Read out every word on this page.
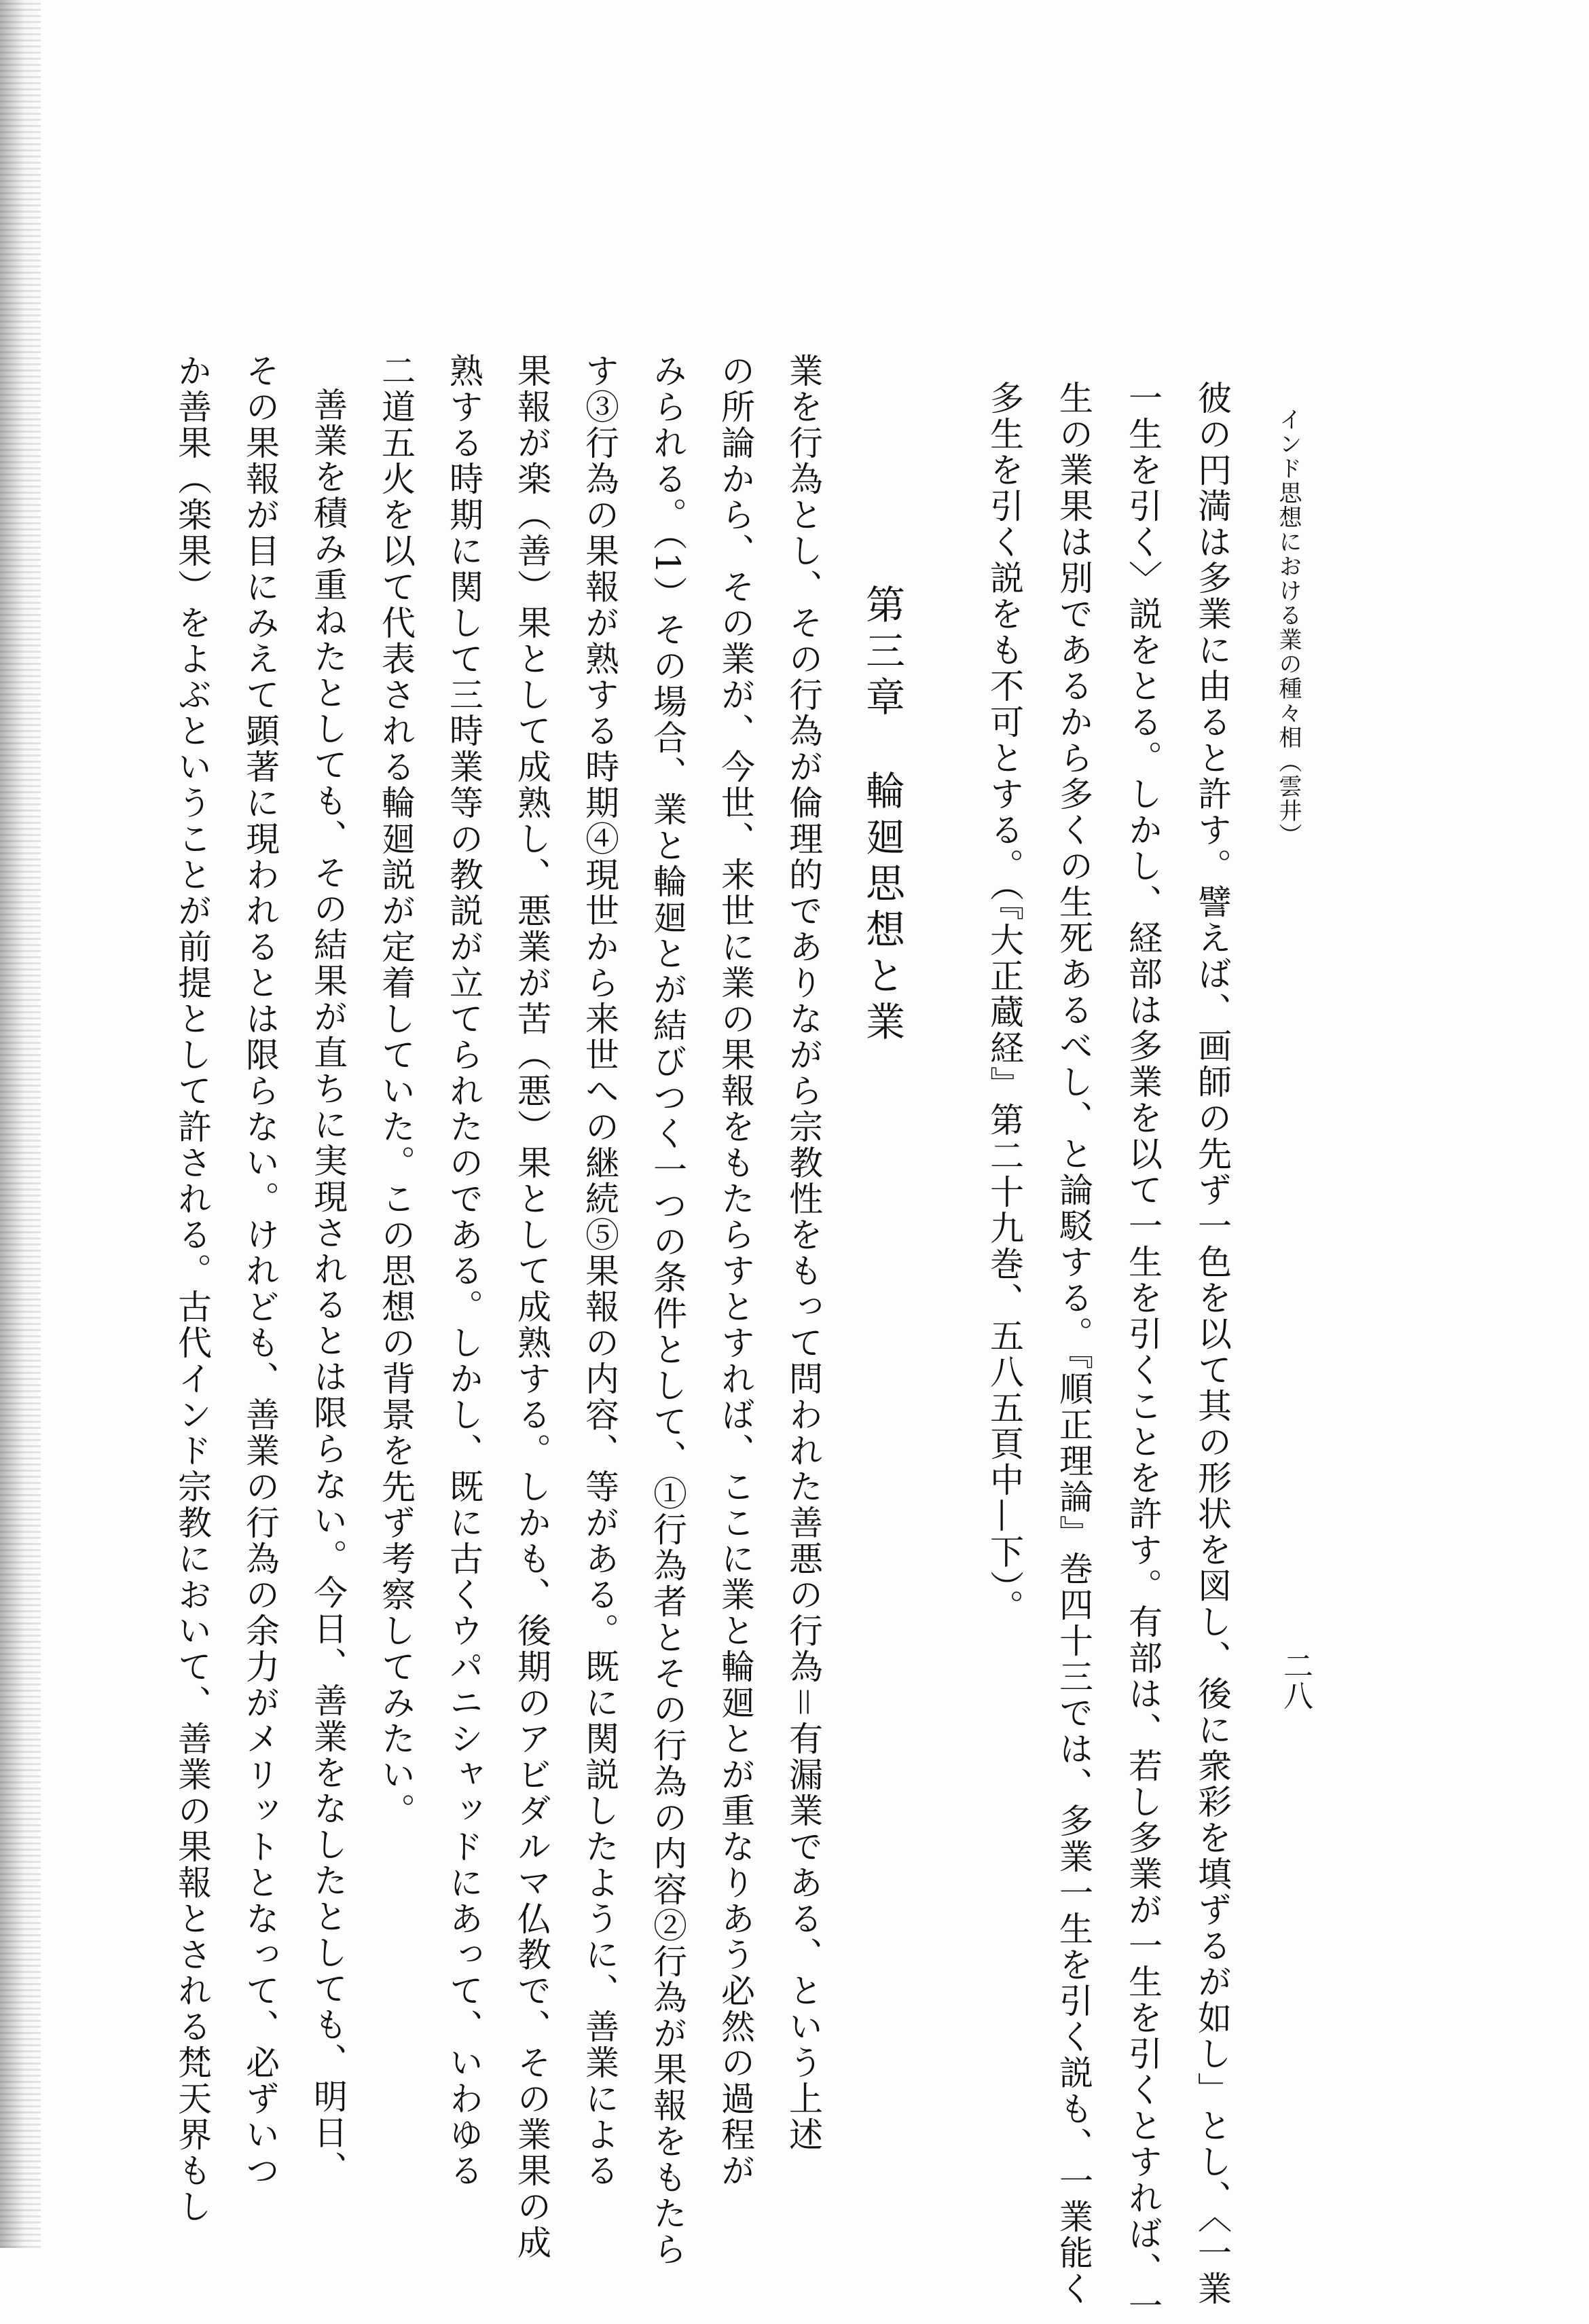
インド思想における業の種々相（雲井）
二八
彼の円満は多業に由ると許す。譬えば、画師の先ず一色を以て其の形状を図し、後に衆彩を填ずるが如し」とし、〈一業
一生を引く〉説をとる。しかし、経部は多業を以て一生を引くことを許す。有部は、若し多業が一生を引くとすれば、一
生の業果は別であるから多くの生死あるべし、と論駁する。『順正理論』巻四十三では、多業一生を引く説も、一業能く
多生を引く説をも不可とする。（『大正蔵経』第二十九巻、五八五頁中—下）。
第三章輪廻思想と業
業を行為とし、その行為が倫理的でありながら宗教性をもって問われた善悪の行為＝有漏業である、という上述
の所論から、その業が、今世、来世に業の果報をもたらすとすれば、ここに業と輪廻とが重なりあう必然の過程が
みられる。（1）その場合、業と輪廻とが結びつく一つの条件として、①行為者とその行為の内容②行為が果報をもたら
す③行為の果報が熟する時期④現世から来世への継続⑤果報の内容、等がある。既に関説したように、善業による
果報が楽（善）果として成熟し、悪業が苦（悪）果として成熟する。しかも、後期のアビダルマ仏教で、その業果の成
熟する時期に関して三時業等の教説が立てられたのである。しかし、既に古くウパニシャッドにあって、いわゆる
二道五火を以て代表される輪廻説が定着していた。この思想の背景を先ず考察してみたい。
善業を積み重ねたとしても、その結果が直ちに実現されるとは限らない。今日、善業をなしたとしても、明日、
その果報が目にみえて顕著に現われるとは限らない。けれども、善業の行為の余力がメリットとなって、必ずいつ
か善果（楽果）をよぶということが前提として許される。古代インド宗教において、善業の果報とされる梵天界もし
